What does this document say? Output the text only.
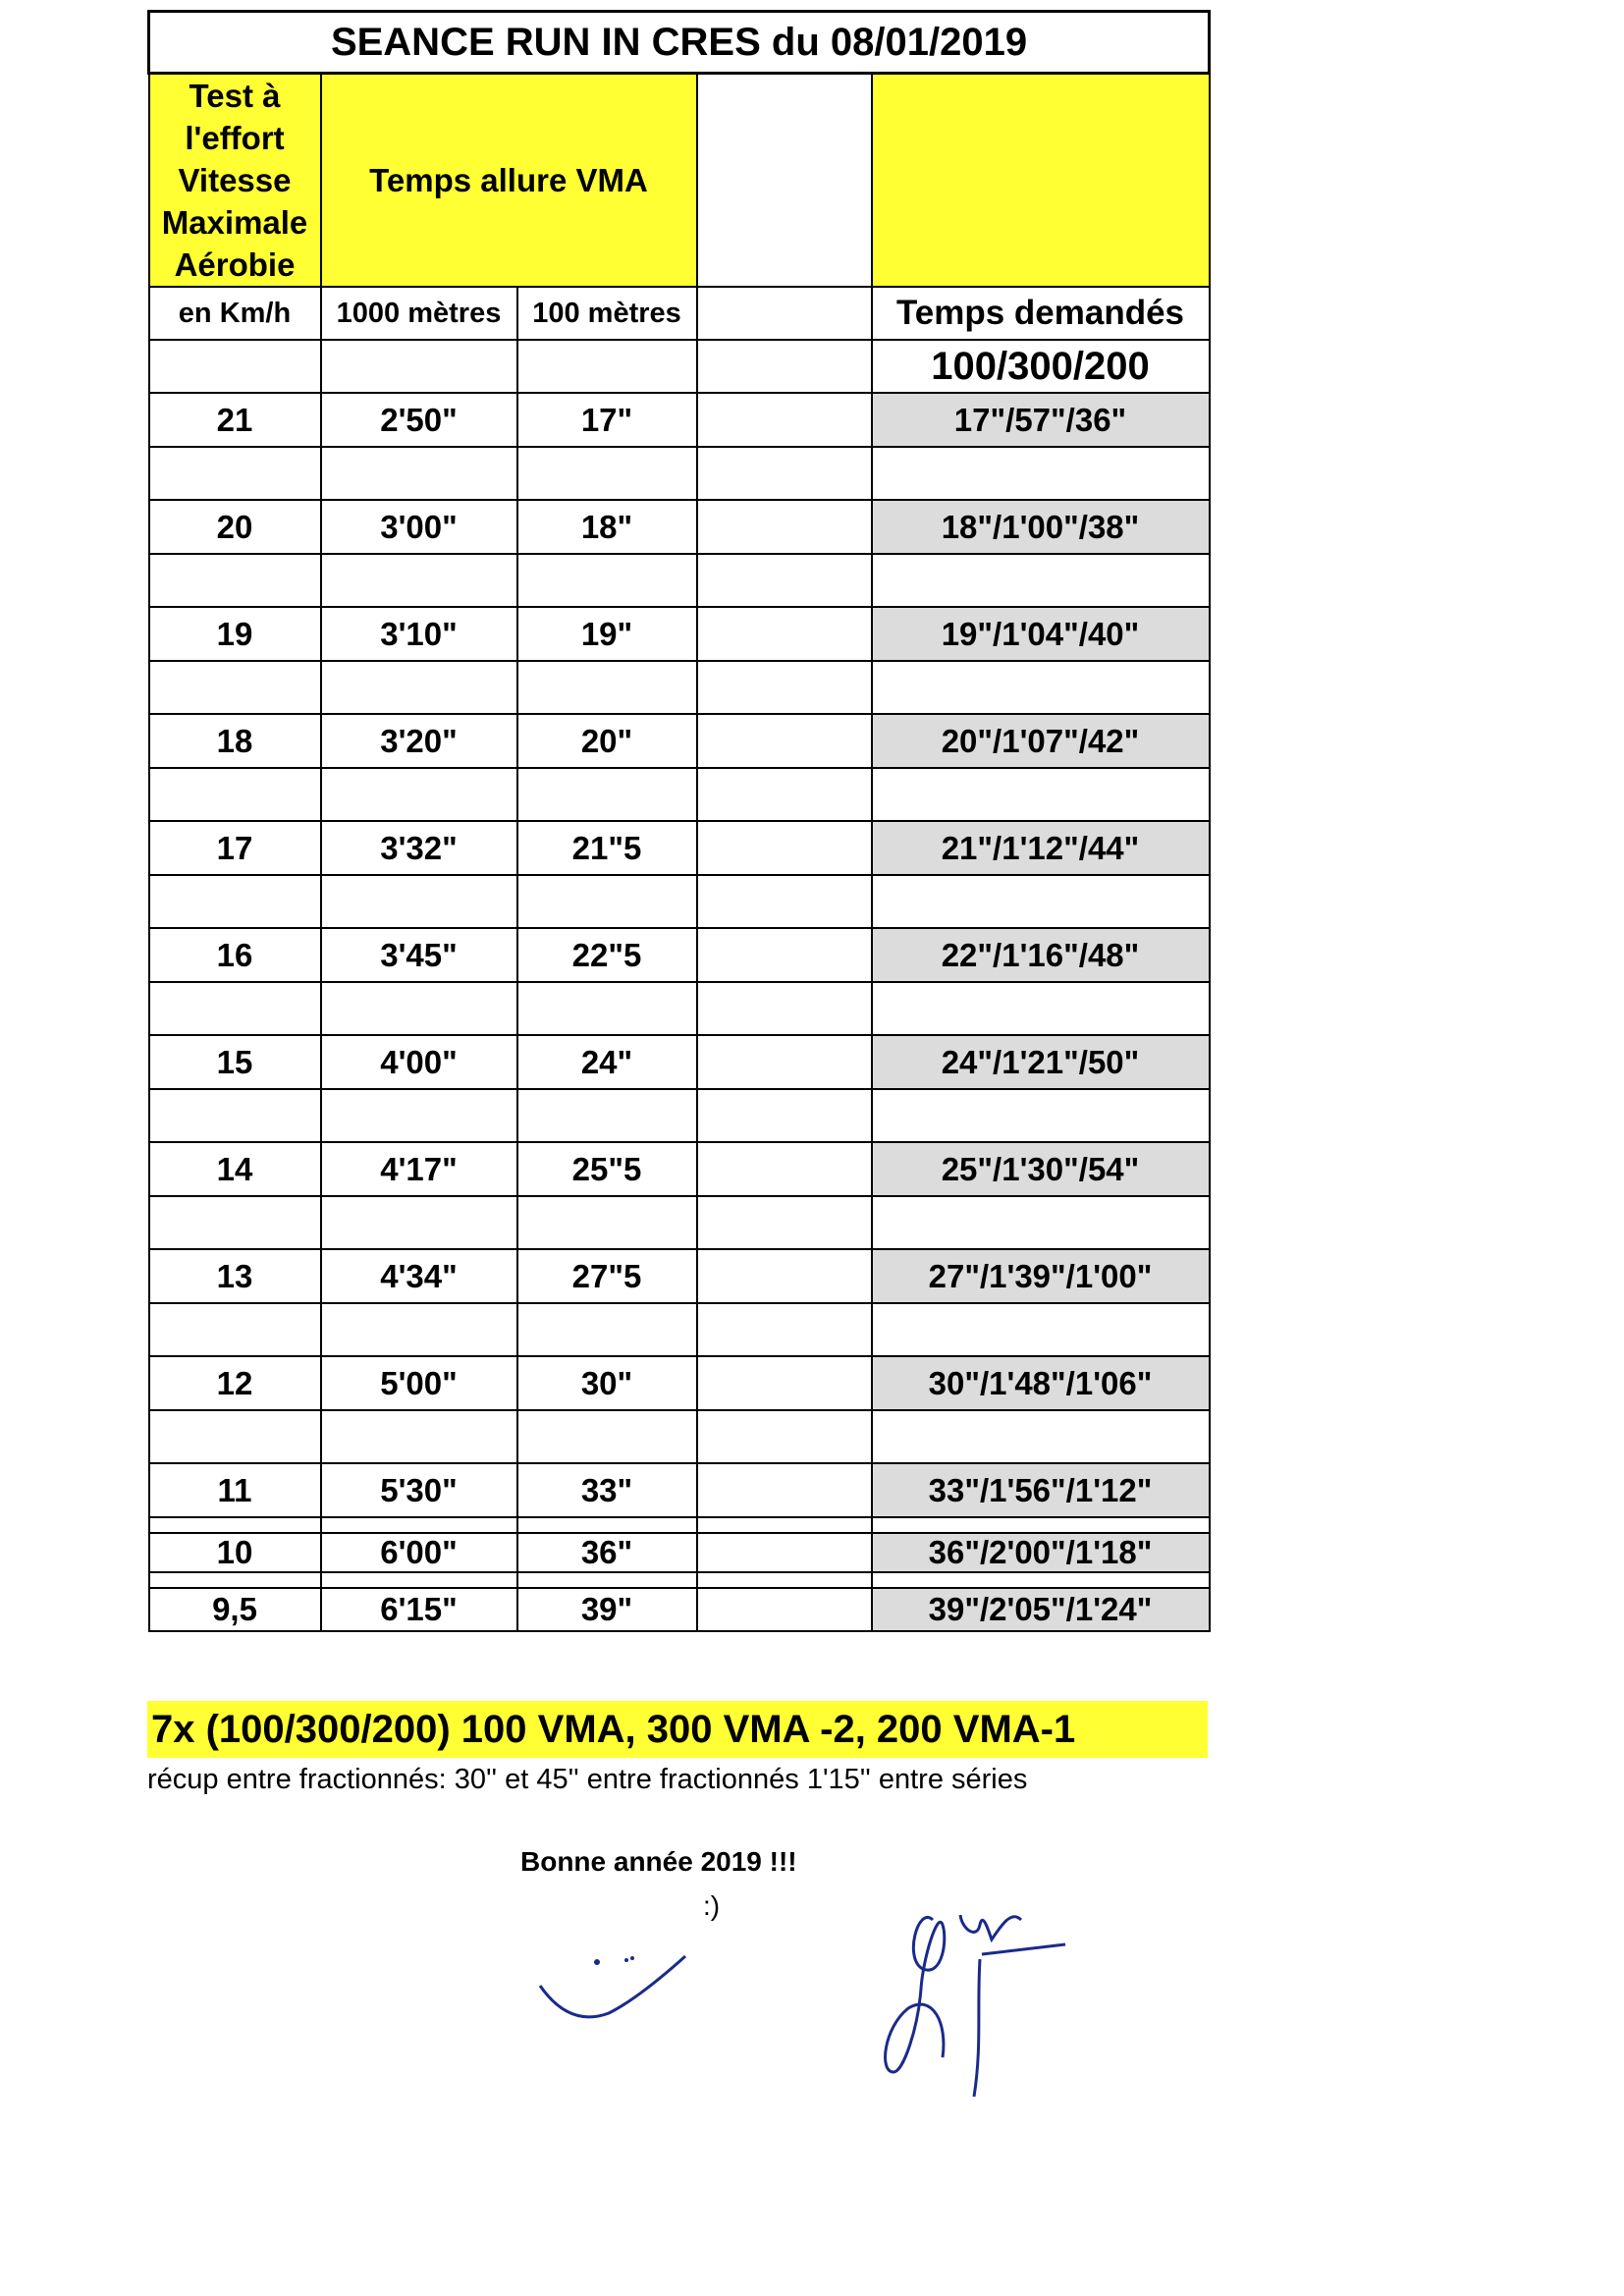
SEANCE RUN IN CRES du 08/01/2019				

Test à
l'effort
Vitesse
Maximale
Aérobie	Temps allure VMA			
en Km/h	1000 mètres	100 mètres		Temps demandés
				100/300/200
21	2'50"	17"		17"/57"/36"

20	3'00"	18"		18"/1'00"/38"

19	3'10"	19"		19"/1'04"/40"

18	3'20"	20"		20"/1'07"/42"

17	3'32"	21"5		21"/1'12"/44"

16	3'45"	22"5		22"/1'16"/48"

15	4'00"	24"		24"/1'21"/50"

14	4'17"	25"5		25"/1'30"/54"

13	4'34"	27"5		27"/1'39"/1'00"

12	5'00"	30"		30"/1'48"/1'06"

11	5'30"	33"		33"/1'56"/1'12"

10	6'00"	36"		36"/2'00"/1'18"

9,5	6'15"	39"		39"/2'05"/1'24"
7x (100/300/200) 100 VMA, 300 VMA -2, 200 VMA-1
récup entre fractionnés: 30'' et 45'' entre fractionnés 1'15'' entre séries
Bonne année 2019 !!!
:)
